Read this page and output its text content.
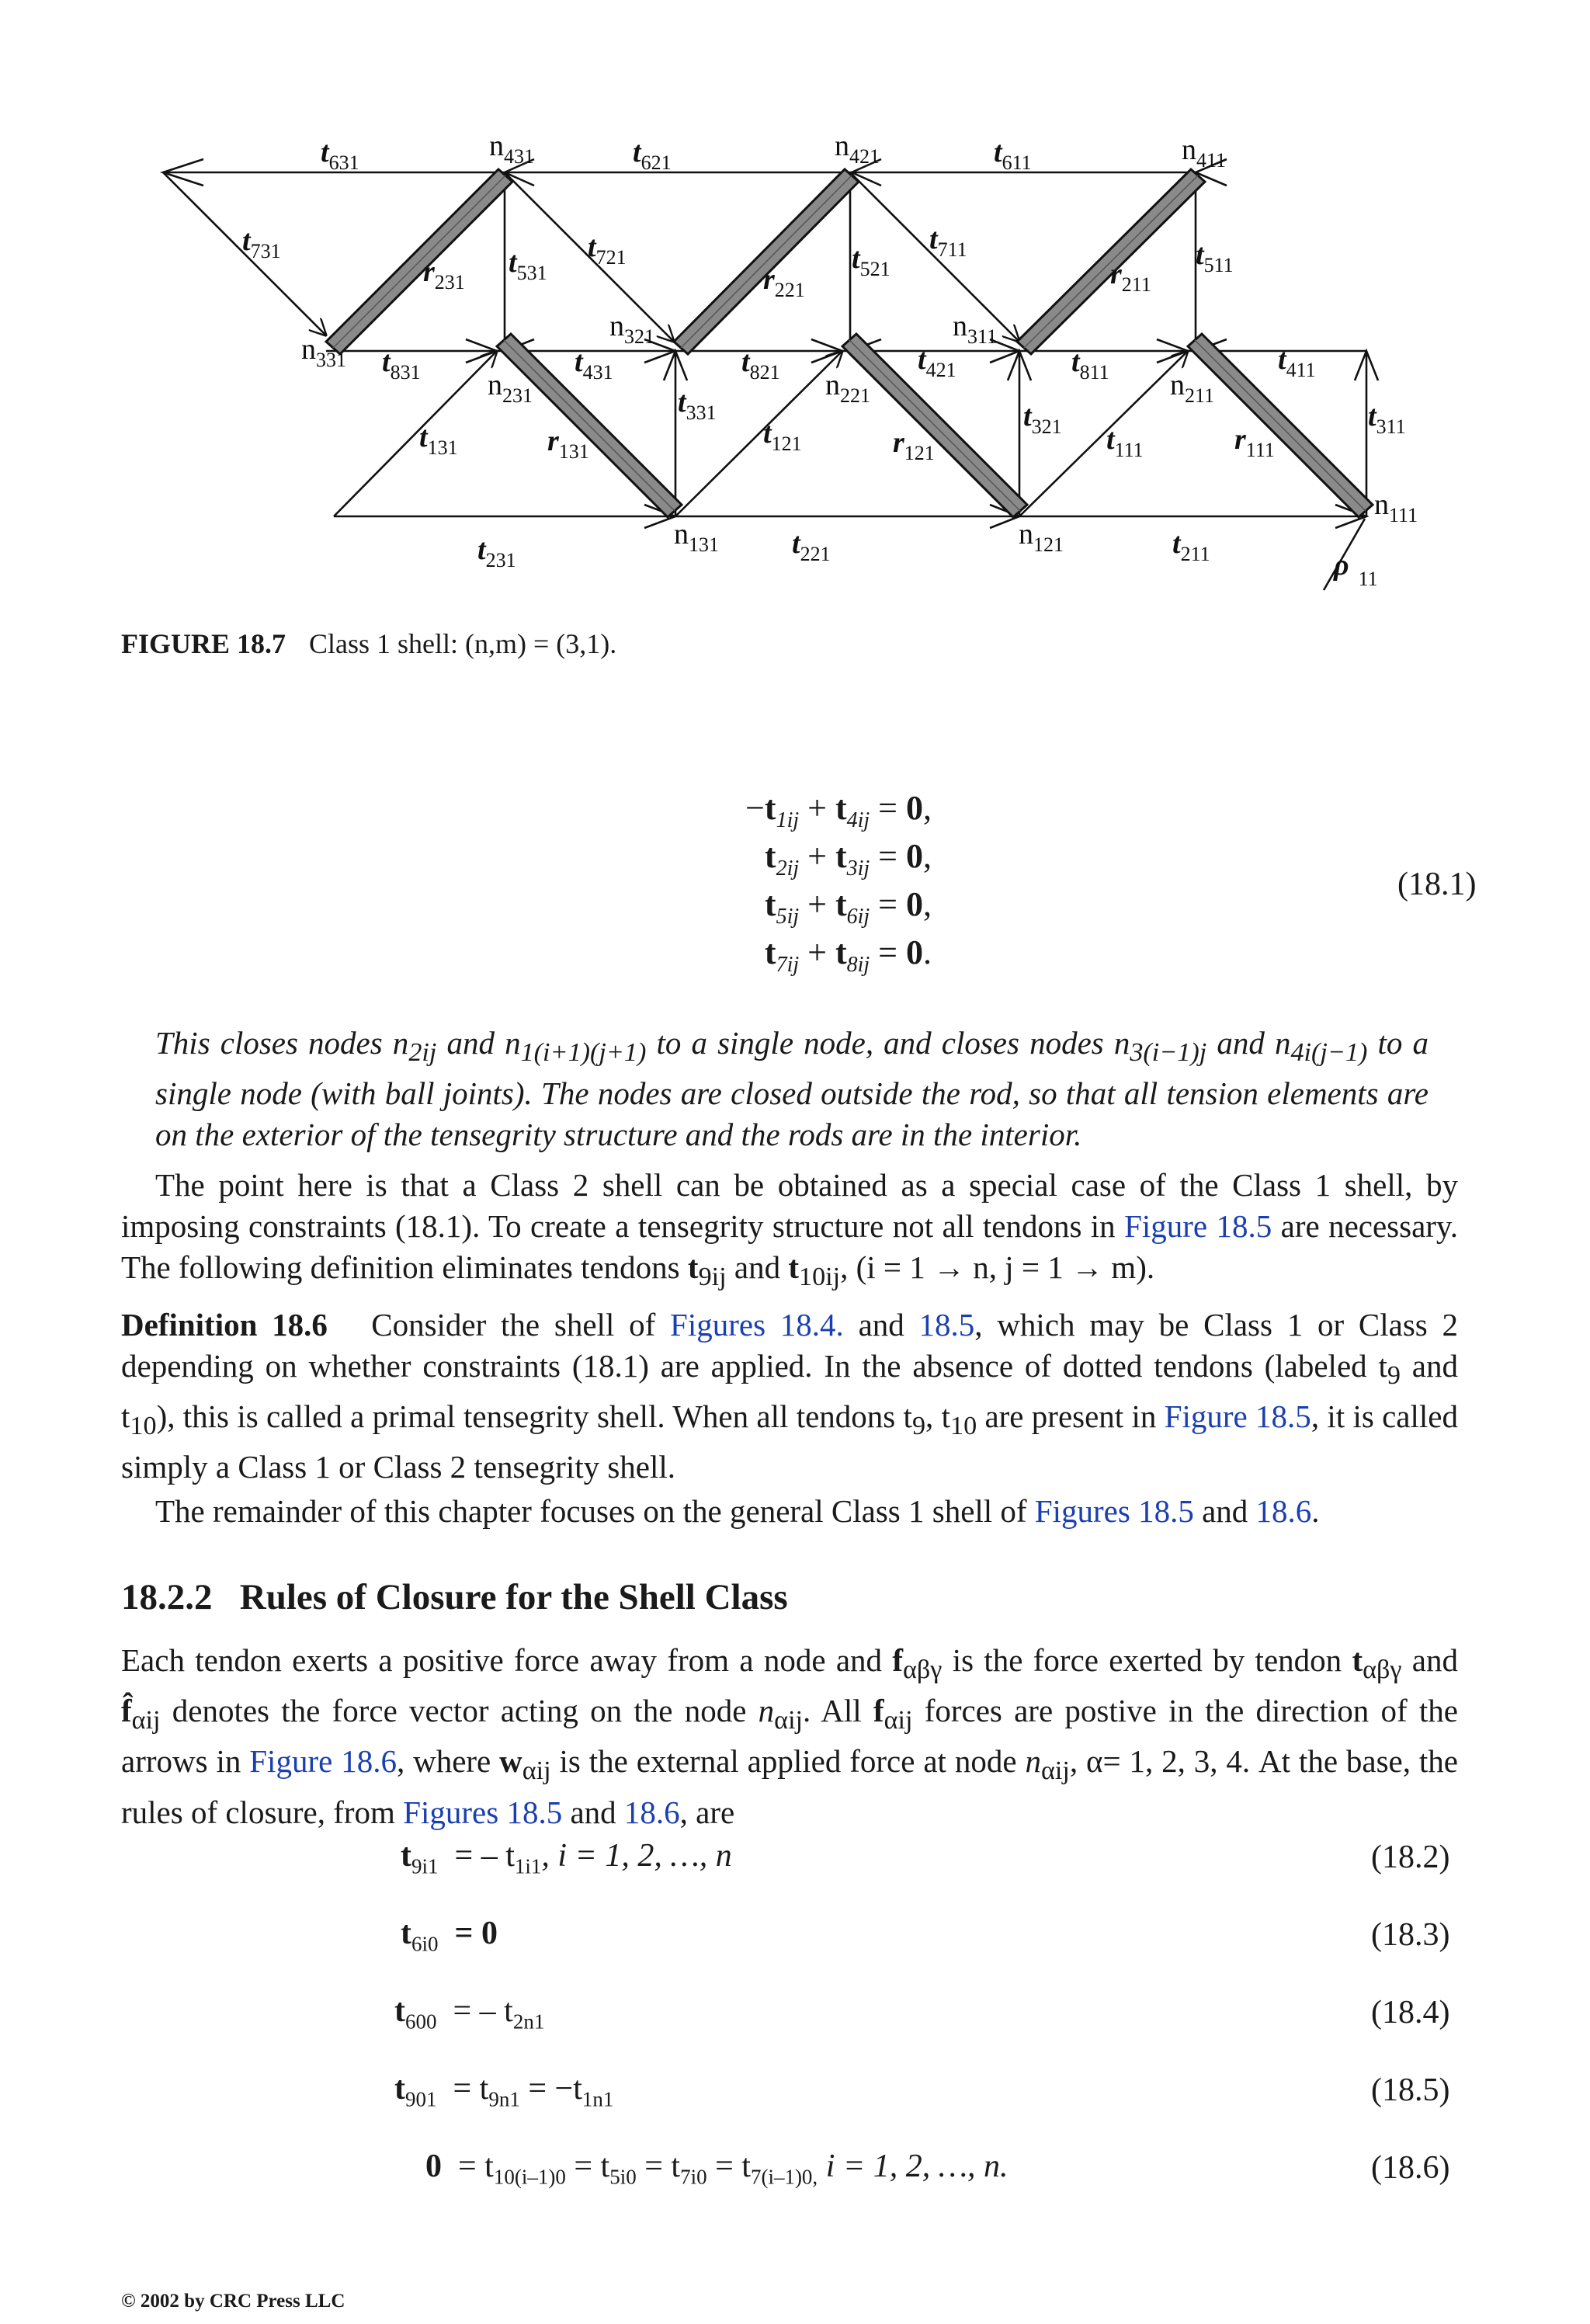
$t_{631}$
$n_{431}$	$t_{621}$
$n_{421}$	$t_{611}$	$n_{411}$
$t_{731}$
$r_{231}$
$t_{531}$
$t_{721}$
$r_{221}$
$t_{521}$
$t_{711}$
$r_{211}$
$t_{511}$
$n_{321}$	$n_{311}$
$n_{331}$ $t_{831}$ $n_{231}$
$t_{431}$	$t_{821}$ $n_{221}$
$t_{421}$	$t_{811}$ $n_{211}$
$t_{411}$
$t_{331}$	$t_{321}$	$t_{311}$
$t_{131}$	$r_{131}$
$t_{121}$	$r_{121}$	$t_{111}$	$r_{111}$
$n_{131}$	$n_{121}$
$n_{111}$
$t_{231}$
$t_{221}$	$t_{211}$	ρ $_{11}$
FIGURE 18.7 Class 1 shell: (n,m) = (3,1).
$-t_{1ij} + t_{4ij} = 0$,
$t_{2ij} + t_{3ij} = 0$,
$t_{5ij} + t_{6ij} = 0$,
$t_{7ij} + t_{8ij} = 0$.
(18.1)
This closes nodes $n_{2ij}$ and $n_{1(i+1)(j+1)}$ to a single node, and closes nodes $n_{3(i-1)j}$ and $n_{4i(j-1)}$ to a single node (with ball joints). The nodes are closed outside the rod, so that all tension elements are on the exterior of the tensegrity structure and the rods are in the interior.
The point here is that a Class 2 shell can be obtained as a special case of the Class 1 shell, by imposing constraints (18.1). To create a tensegrity structure not all tendons in Figure 18.5 are necessary. The following definition eliminates tendons $t_{9ij}$ and $t_{10ij}$, (i = 1 → n, j = 1 → m).
Definition 18.6 Consider the shell of Figures 18.4. and 18.5, which may be Class 1 or Class 2 depending on whether constraints (18.1) are applied. In the absence of dotted tendons (labeled $t_9$ and $t_{10}$), this is called a primal tensegrity shell. When all tendons $t_9$, $t_{10}$ are present in Figure 18.5, it is called simply a Class 1 or Class 2 tensegrity shell.
The remainder of this chapter focuses on the general Class 1 shell of Figures 18.5 and 18.6.
18.2.2 Rules of Closure for the Shell Class
Each tendon exerts a positive force away from a node and $f_{\alpha\beta\gamma}$ is the force exerted by tendon $t_{\alpha\beta\gamma}$ and $f̂_{\alpha ij}$ denotes the force vector acting on the node $n_{\alpha ij}$. All $f_{\alpha ij}$ forces are postive in the direction of the arrows in Figure 18.6, where $w_{\alpha ij}$ is the external applied force at node $n_{\alpha ij}$, α= 1, 2, 3, 4. At the base, the rules of closure, from Figures 18.5 and 18.6, are
$t_{9i1}$ = – $t_{1i1}$, i = 1, 2, …, n	(18.2)
$t_{6i0} = 0$	(18.3)
$t_{600}$ = – $t_{2n1}$	(18.4)
$t_{901} = t_{9n1} = -t_{1n1}$	(18.5)
$0 = t_{10(i-1)0} = t_{5i0} = t_{7i0} = t_{7(i-1)0,}$ i = 1, 2, …, n.	(18.6)
© 2002 by CRC Press LLC
